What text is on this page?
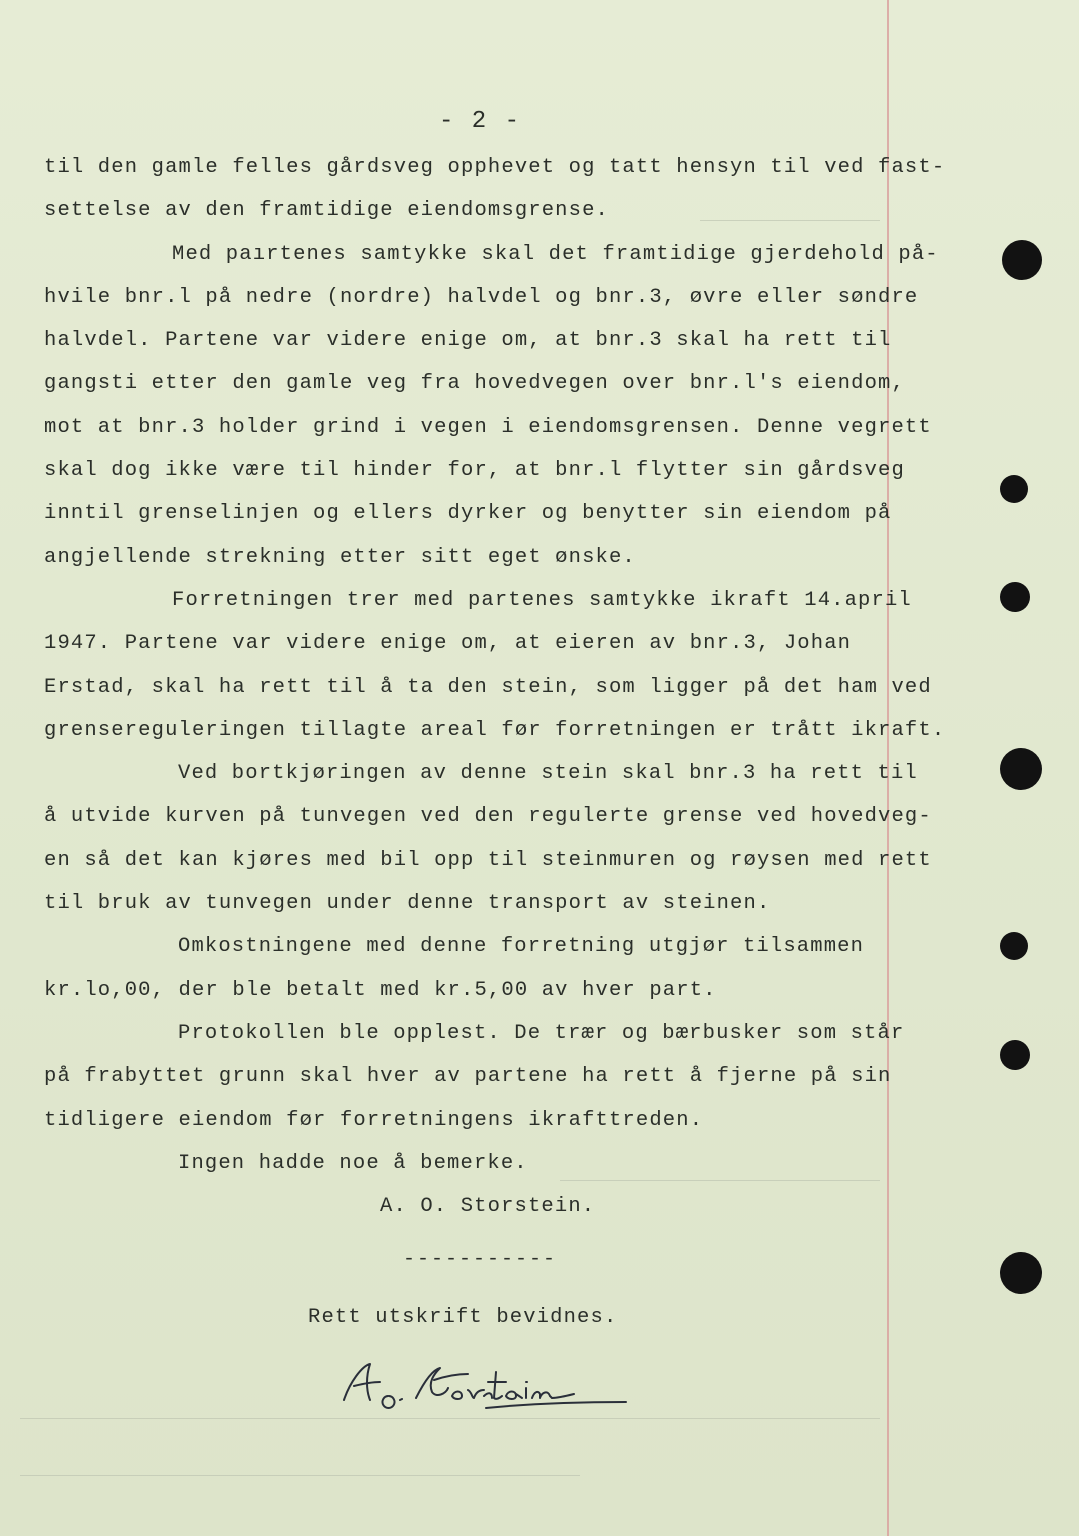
- 2 -
til den gamle felles gårdsveg opphevet og tatt hensyn til ved fast-
settelse av den framtidige eiendomsgrense.
Med paırtenes samtykke skal det framtidige gjerdehold på-
hvile bnr.l på nedre (nordre) halvdel og bnr.3, øvre eller søndre
halvdel. Partene var videre enige om, at bnr.3 skal ha rett til
gangsti etter den gamle veg fra hovedvegen over bnr.l's eiendom,
mot at bnr.3 holder grind i vegen i eiendomsgrensen. Denne vegrett
skal dog ikke være til hinder for, at bnr.l flytter sin gårdsveg
inntil grenselinjen og ellers dyrker og benytter sin eiendom på
angjellende strekning etter sitt eget ønske.
Forretningen trer med partenes samtykke ikraft 14.april
1947. Partene var videre enige om, at eieren av bnr.3, Johan
Erstad, skal ha rett til å ta den stein, som ligger på det ham ved
grensereguleringen tillagte areal før forretningen er trått ikraft.
Ved bortkjøringen av denne stein skal bnr.3 ha rett til
å utvide kurven på tunvegen ved den regulerte grense ved hovedveg-
en så det kan kjøres med bil opp til steinmuren og røysen med rett
til bruk av tunvegen under denne transport av steinen.
Omkostningene med denne forretning utgjør tilsammen
kr.lo,00, der ble betalt med kr.5,00 av hver part.
Protokollen ble opplest. De trær og bærbusker som står
på frabyttet grunn skal hver av partene ha rett å fjerne på sin
tidligere eiendom før forretningens ikrafttreden.
Ingen hadde noe å bemerke.
A. O. Storstein.
-----------
Rett utskrift bevidnes.
